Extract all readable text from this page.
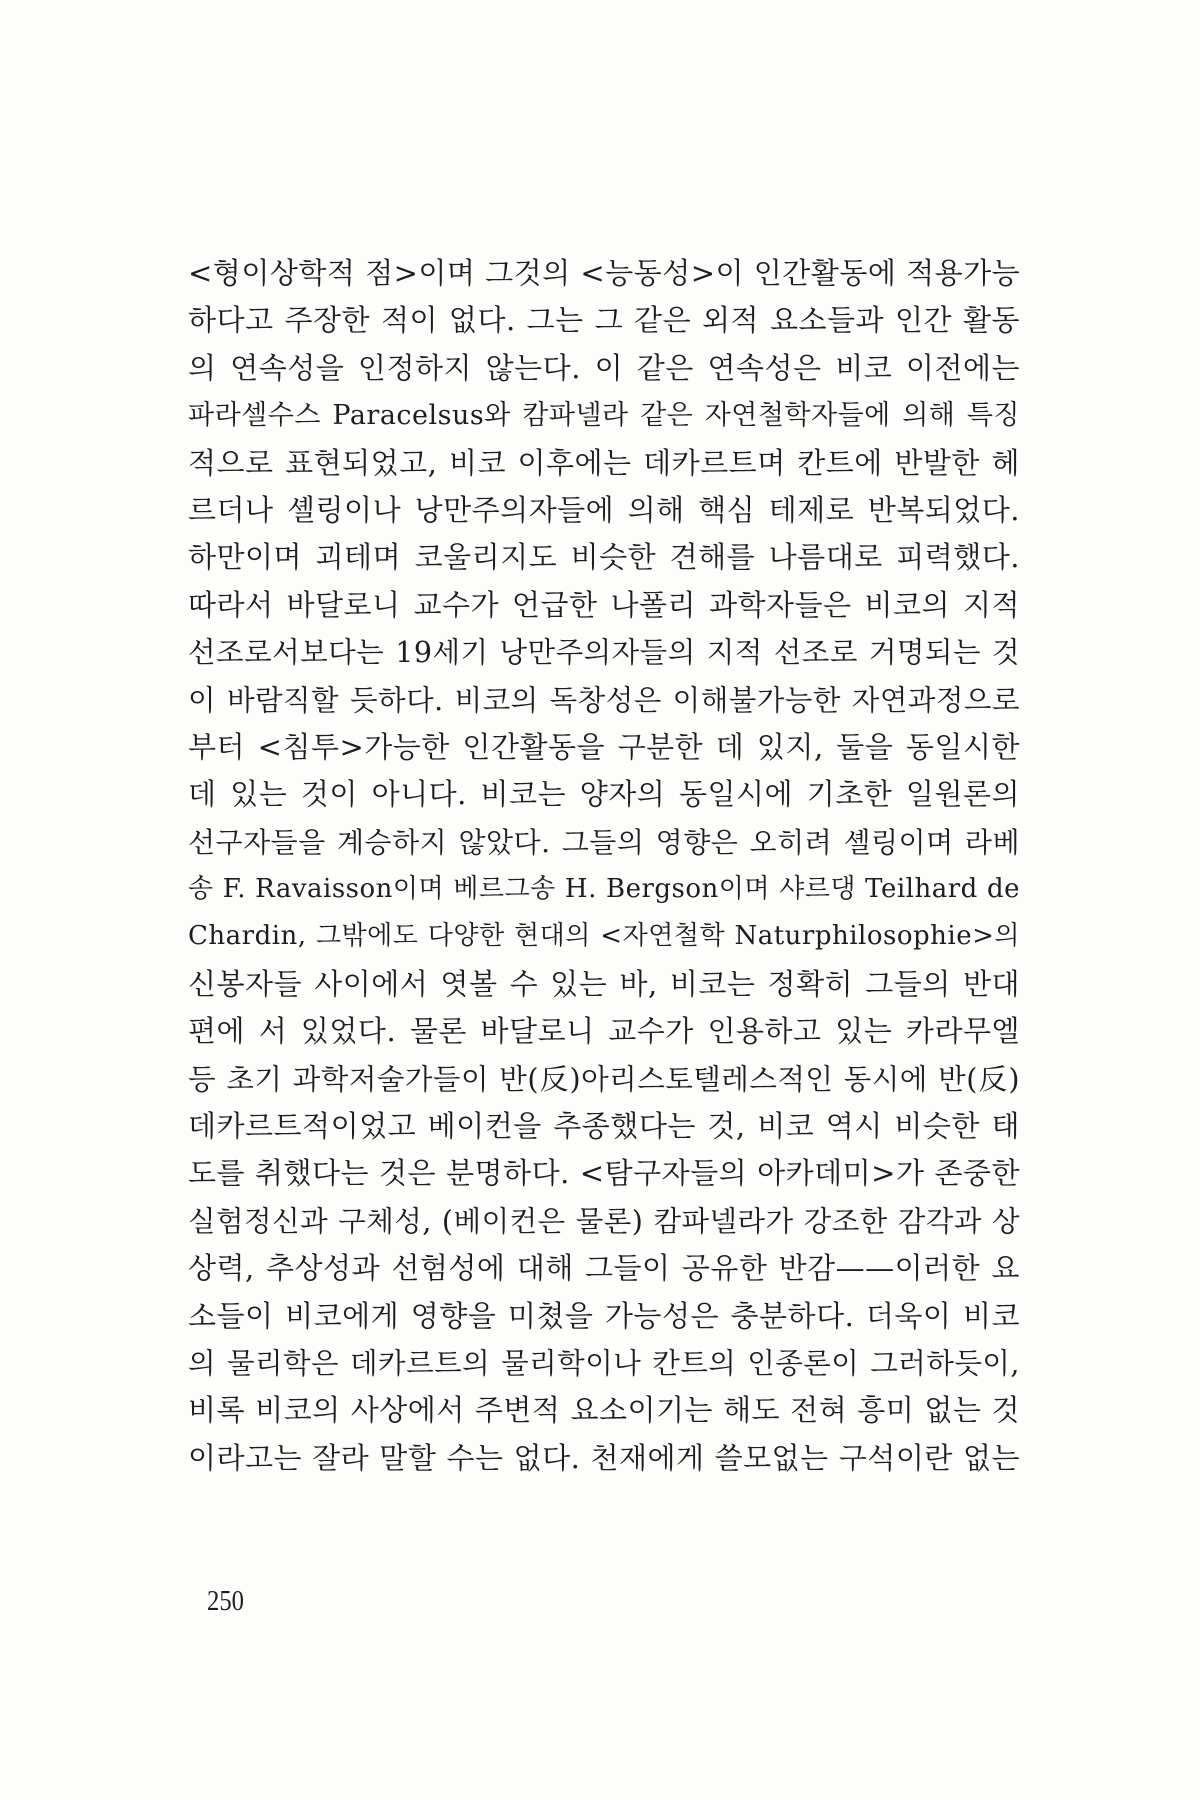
<형이상학적 점>이며 그것의 <능동성>이 인간활동에 적용가능
하다고 주장한 적이 없다. 그는 그 같은 외적 요소들과 인간 활동
의 연속성을 인정하지 않는다. 이 같은 연속성은 비코 이전에는
파라셀수스 Paracelsus와 캄파넬라 같은 자연철학자들에 의해 특징
적으로 표현되었고, 비코 이후에는 데카르트며 칸트에 반발한 헤
르더나 셸링이나 낭만주의자들에 의해 핵심 테제로 반복되었다.
하만이며 괴테며 코울리지도 비슷한 견해를 나름대로 피력했다.
따라서 바달로니 교수가 언급한 나폴리 과학자들은 비코의 지적
선조로서보다는 19세기 낭만주의자들의 지적 선조로 거명되는 것
이 바람직할 듯하다. 비코의 독창성은 이해불가능한 자연과정으로
부터 <침투>가능한 인간활동을 구분한 데 있지, 둘을 동일시한
데 있는 것이 아니다. 비코는 양자의 동일시에 기초한 일원론의
선구자들을 계승하지 않았다. 그들의 영향은 오히려 셸링이며 라베
송 F. Ravaisson이며 베르그송 H. Bergson이며 샤르댕 Teilhard de
Chardin, 그밖에도 다양한 현대의 <자연철학 Naturphilosophie>의
신봉자들 사이에서 엿볼 수 있는 바, 비코는 정확히 그들의 반대
편에 서 있었다. 물론 바달로니 교수가 인용하고 있는 카라무엘
등 초기 과학저술가들이 반(反)아리스토텔레스적인 동시에 반(反)
데카르트적이었고 베이컨을 추종했다는 것, 비코 역시 비슷한 태
도를 취했다는 것은 분명하다. <탐구자들의 아카데미>가 존중한
실험정신과 구체성, (베이컨은 물론) 캄파넬라가 강조한 감각과 상
상력, 추상성과 선험성에 대해 그들이 공유한 반감——이러한 요
소들이 비코에게 영향을 미쳤을 가능성은 충분하다. 더욱이 비코
의 물리학은 데카르트의 물리학이나 칸트의 인종론이 그러하듯이,
비록 비코의 사상에서 주변적 요소이기는 해도 전혀 흥미 없는 것
이라고는 잘라 말할 수는 없다. 천재에게 쓸모없는 구석이란 없는
250
